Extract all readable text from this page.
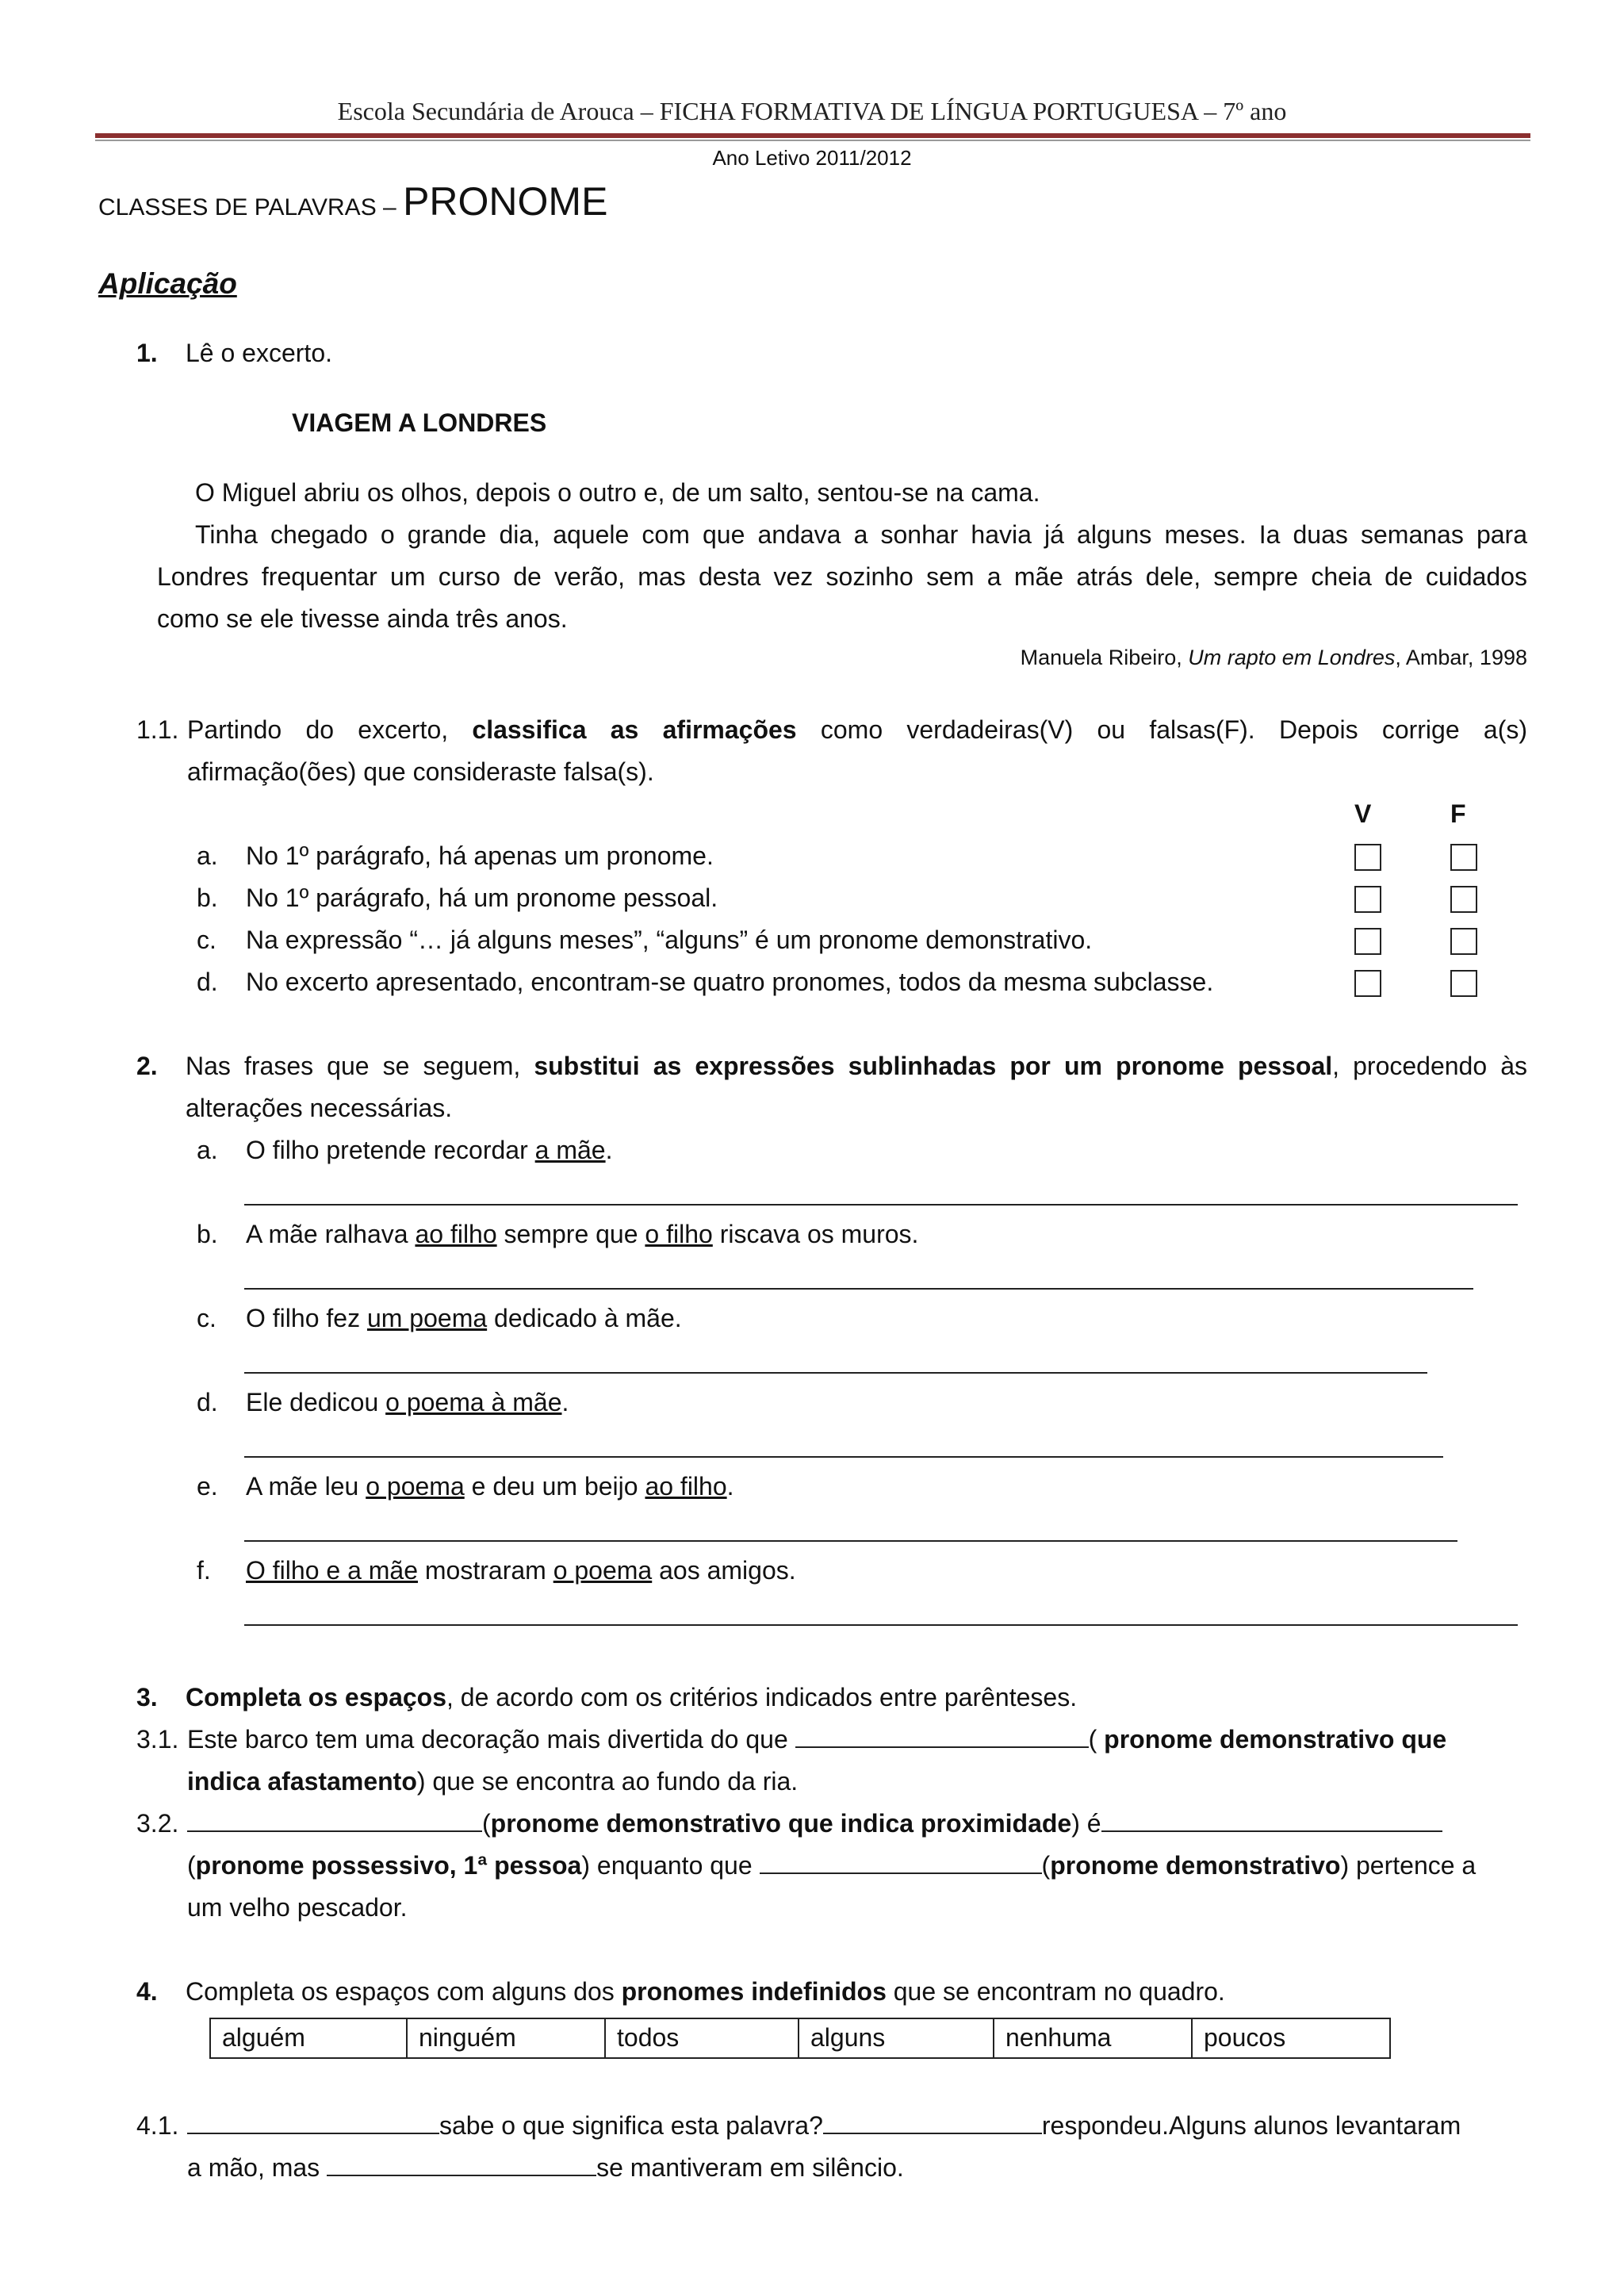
Escola Secundária de Arouca – FICHA FORMATIVA DE LÍNGUA PORTUGUESA – 7º ano
Ano Letivo 2011/2012
CLASSES DE PALAVRAS – PRONOME
Aplicação
1. Lê o excerto.
VIAGEM A LONDRES
O Miguel abriu os olhos, depois o outro e, de um salto, sentou-se na cama.
Tinha chegado o grande dia, aquele com que andava a sonhar havia já alguns meses. Ia duas semanas para
Londres frequentar um curso de verão, mas desta vez sozinho sem a mãe atrás dele, sempre cheia de cuidados
como se ele tivesse ainda três anos.
Manuela Ribeiro, Um rapto em Londres, Ambar, 1998
1.1. Partindo do excerto, classifica as afirmações como verdadeiras(V) ou falsas(F). Depois corrige a(s)
afirmação(ões) que consideraste falsa(s).
V	F
a. No 1º parágrafo, há apenas um pronome.
b. No 1º parágrafo, há um pronome pessoal.
c. Na expressão “… já alguns meses”, “alguns” é um pronome demonstrativo.
d. No excerto apresentado, encontram-se quatro pronomes, todos da mesma subclasse.
2. Nas frases que se seguem, substitui as expressões sublinhadas por um pronome pessoal, procedendo às
alterações necessárias.
a. O filho pretende recordar a mãe.
b. A mãe ralhava ao filho sempre que o filho riscava os muros.
c. O filho fez um poema dedicado à mãe.
d. Ele dedicou o poema à mãe.
e. A mãe leu o poema e deu um beijo ao filho.
f. O filho e a mãe mostraram o poema aos amigos.
3. Completa os espaços, de acordo com os critérios indicados entre parênteses.
3.1. Este barco tem uma decoração mais divertida do que	( pronome demonstrativo que
indica afastamento) que se encontra ao fundo da ria.
3.2.	(pronome demonstrativo que indica proximidade) é
(pronome possessivo, 1ª pessoa) enquanto que	(pronome demonstrativo) pertence a
um velho pescador.
4. Completa os espaços com alguns dos pronomes indefinidos que se encontram no quadro.
alguém	ninguém	todos	alguns	nenhuma	poucos
4.1.	sabe o que significa esta palavra?	respondeu.Alguns alunos levantaram
a mão, mas	se mantiveram em silêncio.
